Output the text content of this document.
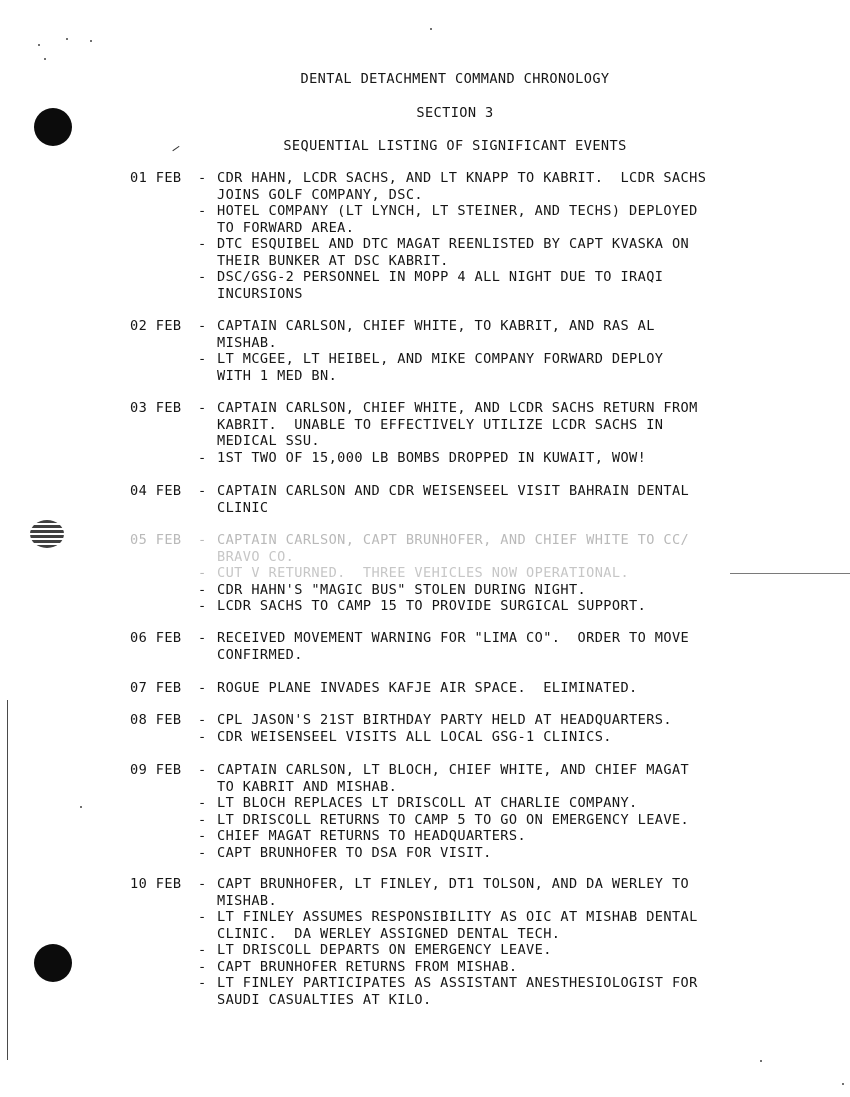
DENTAL DETACHMENT COMMAND CHRONOLOGY
SECTION 3
SEQUENTIAL LISTING OF SIGNIFICANT EVENTS
01 FEB - CDR HAHN, LCDR SACHS, AND LT KNAPP TO KABRIT.  LCDR SACHS
JOINS GOLF COMPANY, DSC.
- HOTEL COMPANY (LT LYNCH, LT STEINER, AND TECHS) DEPLOYED
TO FORWARD AREA.
- DTC ESQUIBEL AND DTC MAGAT REENLISTED BY CAPT KVASKA ON
THEIR BUNKER AT DSC KABRIT.
- DSC/GSG-2 PERSONNEL IN MOPP 4 ALL NIGHT DUE TO IRAQI
INCURSIONS
02 FEB - CAPTAIN CARLSON, CHIEF WHITE, TO KABRIT, AND RAS AL
MISHAB.
- LT MCGEE, LT HEIBEL, AND MIKE COMPANY FORWARD DEPLOY
WITH 1 MED BN.
03 FEB - CAPTAIN CARLSON, CHIEF WHITE, AND LCDR SACHS RETURN FROM
KABRIT.  UNABLE TO EFFECTIVELY UTILIZE LCDR SACHS IN
MEDICAL SSU.
- 1ST TWO OF 15,000 LB BOMBS DROPPED IN KUWAIT, WOW!
04 FEB - CAPTAIN CARLSON AND CDR WEISENSEEL VISIT BAHRAIN DENTAL
CLINIC
05 FEB - CAPTAIN CARLSON, CAPT BRUNHOFER, AND CHIEF WHITE TO CC/
BRAVO CO.
- CUT V RETURNED.  THREE VEHICLES NOW OPERATIONAL.
- CDR HAHN'S "MAGIC BUS" STOLEN DURING NIGHT.
- LCDR SACHS TO CAMP 15 TO PROVIDE SURGICAL SUPPORT.
06 FEB - RECEIVED MOVEMENT WARNING FOR "LIMA CO".  ORDER TO MOVE
CONFIRMED.
07 FEB - ROGUE PLANE INVADES KAFJE AIR SPACE.  ELIMINATED.
08 FEB - CPL JASON'S 21ST BIRTHDAY PARTY HELD AT HEADQUARTERS.
- CDR WEISENSEEL VISITS ALL LOCAL GSG-1 CLINICS.
09 FEB - CAPTAIN CARLSON, LT BLOCH, CHIEF WHITE, AND CHIEF MAGAT
TO KABRIT AND MISHAB.
- LT BLOCH REPLACES LT DRISCOLL AT CHARLIE COMPANY.
- LT DRISCOLL RETURNS TO CAMP 5 TO GO ON EMERGENCY LEAVE.
- CHIEF MAGAT RETURNS TO HEADQUARTERS.
- CAPT BRUNHOFER TO DSA FOR VISIT.
10 FEB - CAPT BRUNHOFER, LT FINLEY, DT1 TOLSON, AND DA WERLEY TO
MISHAB.
- LT FINLEY ASSUMES RESPONSIBILITY AS OIC AT MISHAB DENTAL
CLINIC.  DA WERLEY ASSIGNED DENTAL TECH.
- LT DRISCOLL DEPARTS ON EMERGENCY LEAVE.
- CAPT BRUNHOFER RETURNS FROM MISHAB.
- LT FINLEY PARTICIPATES AS ASSISTANT ANESTHESIOLOGIST FOR
SAUDI CASUALTIES AT KILO.
